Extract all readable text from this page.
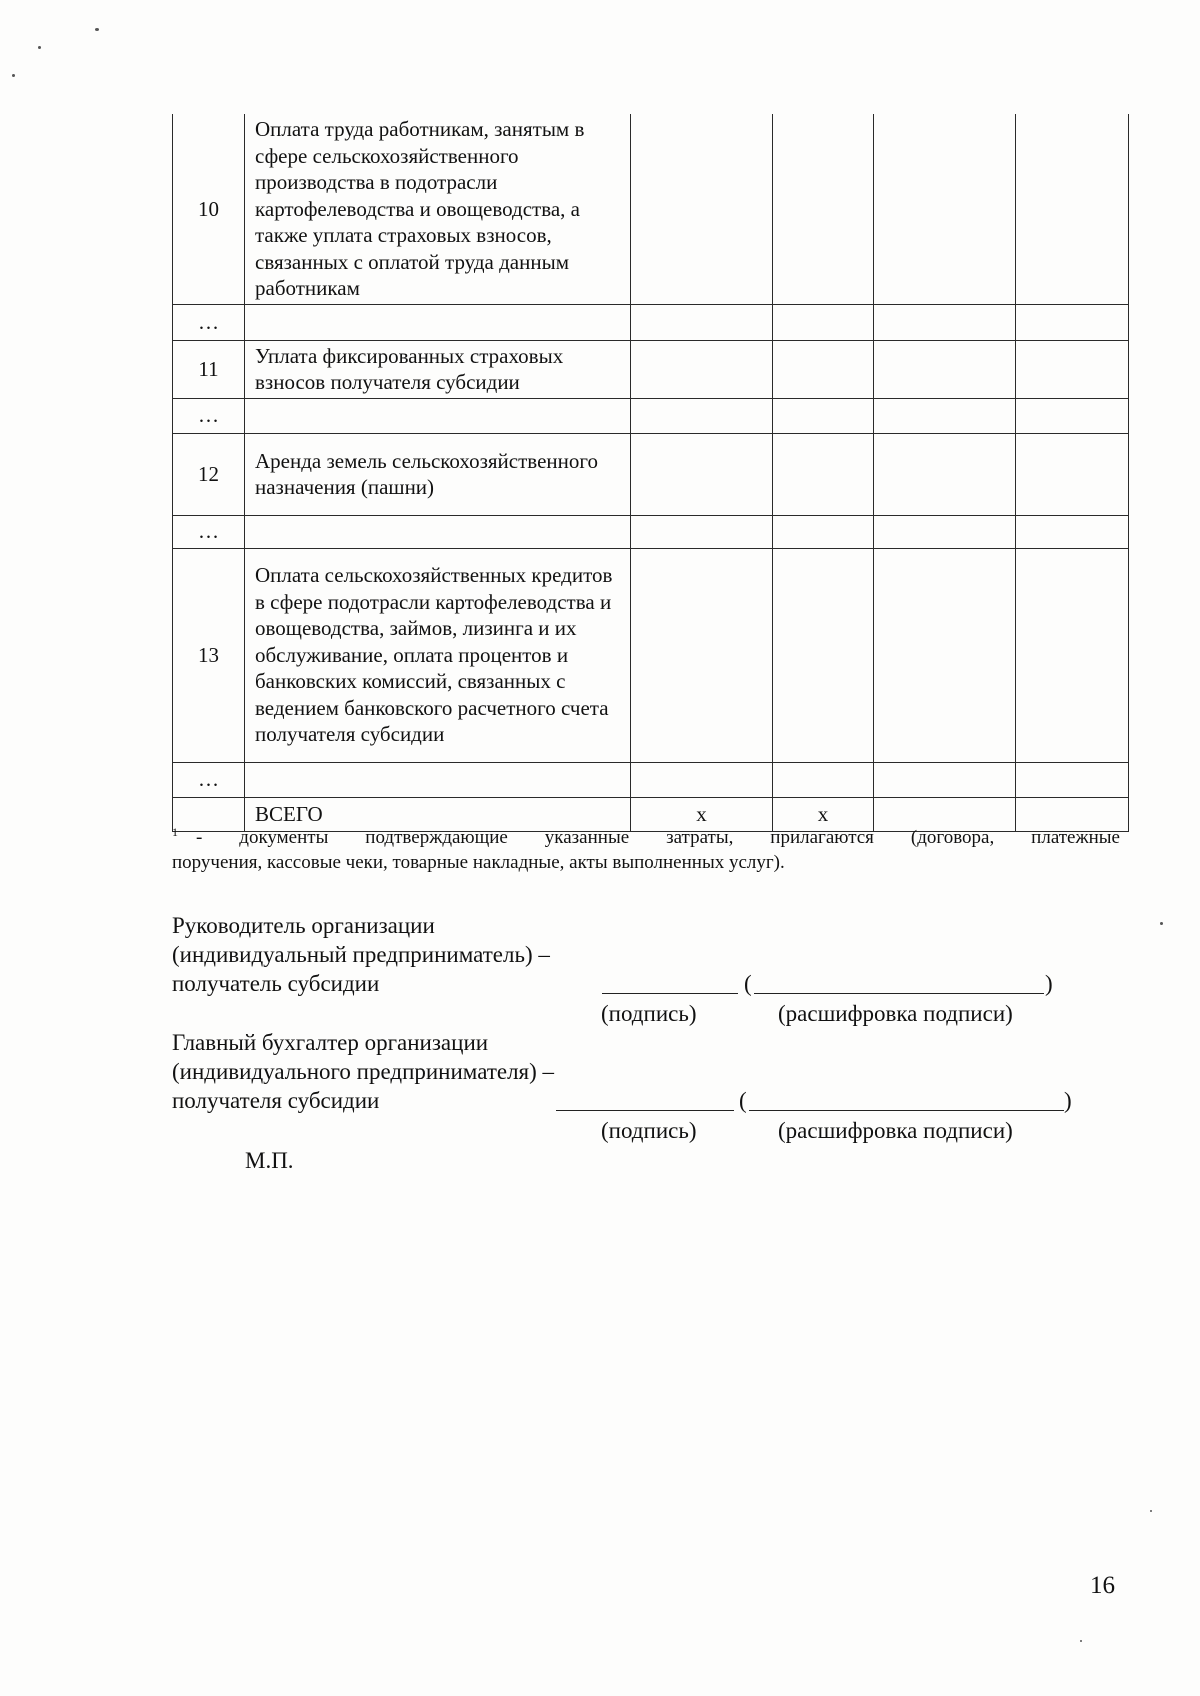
10	Оплата труда работникам, занятым в сфере сельскохозяйственного производства в подотрасли картофелеводства и овощеводства, а также уплата страховых взносов, связанных с оплатой труда данным работникам				
…					
11	Уплата фиксированных страховых взносов получателя субсидии				
…					
12	Аренда земель сельскохозяйственного назначения (пашни)				
…					
13	Оплата сельскохозяйственных кредитов в сфере подотрасли картофелеводства и овощеводства, займов, лизинга и их обслуживание, оплата процентов и банковских комиссий, связанных с ведением банковского расчетного счета получателя субсидии				
…					
	ВСЕГО	x	x		
$^1$ - документы подтверждающие указанные затраты, прилагаются (договора, платежные
поручения, кассовые чеки, товарные накладные, акты выполненных услуг).
Руководитель организации
(индивидуальный предприниматель) –
получатель субсидии	(	)
(подпись)	(расшифровка подписи)
Главный бухгалтер организации
(индивидуального предпринимателя) –
получателя субсидии	(	)
(подпись)	(расшифровка подписи)
М.П.
16
